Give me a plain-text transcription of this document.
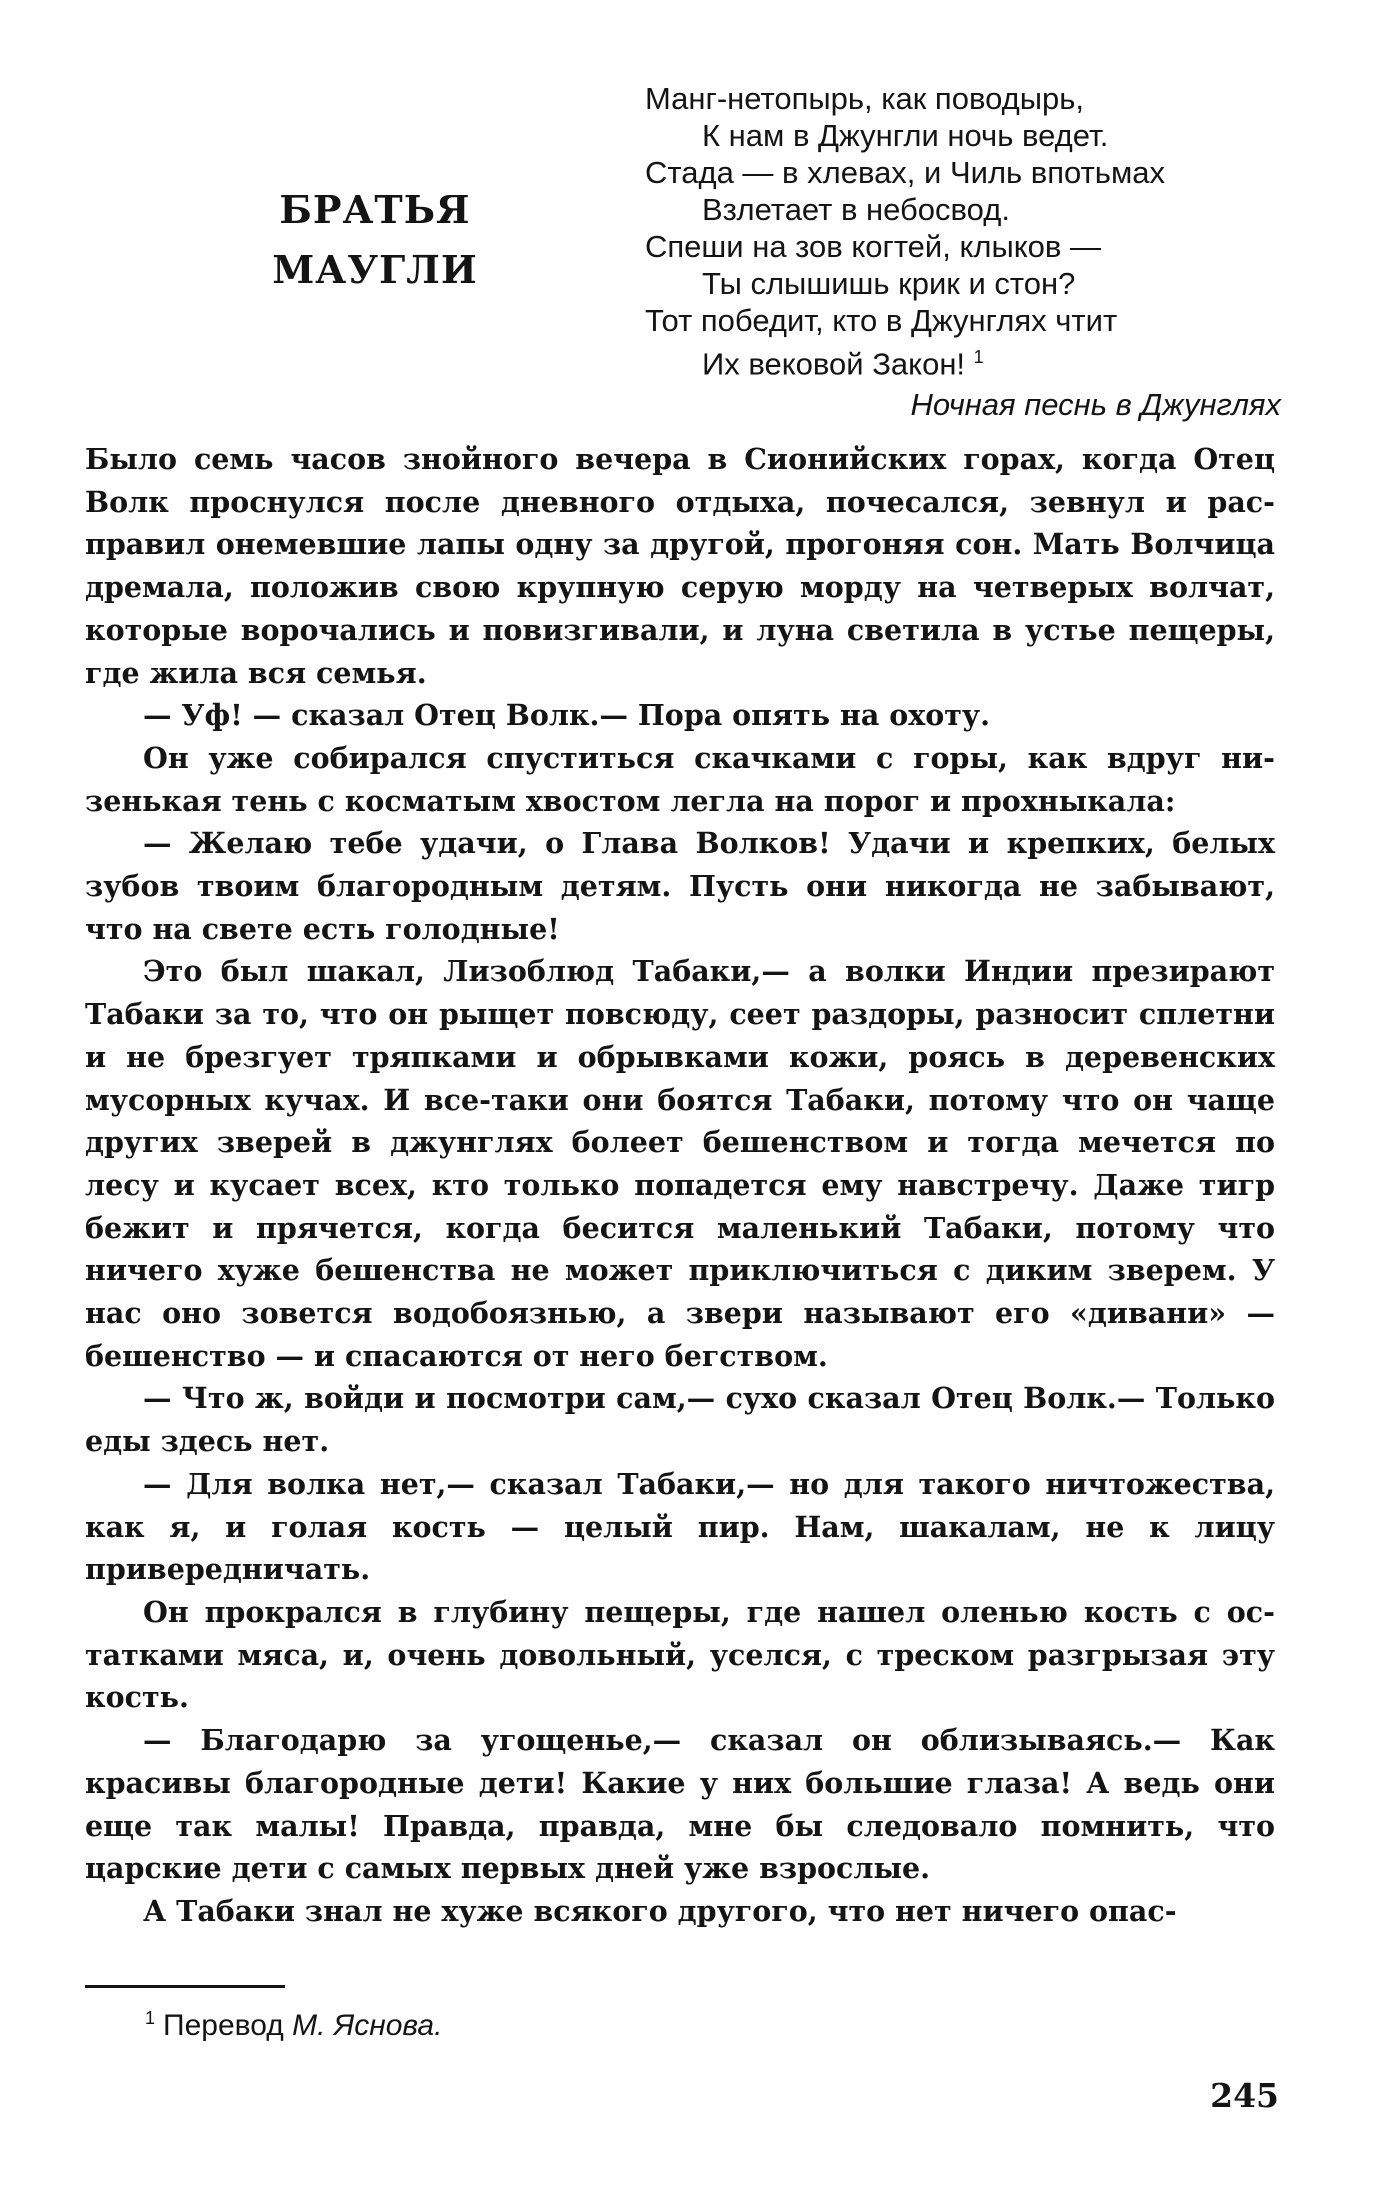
БРАТЬЯ
МАУГЛИ
Манг-нетопырь, как поводырь,
К нам в Джунгли ночь ведет.
Стада — в хлевах, и Чиль впотьмах
Взлетает в небосвод.
Спеши на зов когтей, клыков —
Ты слышишь крик и стон?
Тот победит, кто в Джунглях чтит
Их вековой Закон! $^1$
Ночная песнь в Джунглях

Было семь часов знойного вечера в Сионийских горах, когда Отец Волк проснулся после дневного отдыха, почесался, зевнул и расправил онемевшие лапы одну за другой, прогоняя сон. Мать Волчица дремала, положив свою крупную серую морду на четверых волчат, которые ворочались и повизгивали, и луна светила в устье пещеры, где жила вся семья.

— Уф! — сказал Отец Волк.— Пора опять на охоту.

Он уже собирался спуститься скачками с горы, как вдруг низенькая тень с косматым хвостом легла на порог и прохныкала:

— Желаю тебе удачи, о Глава Волков! Удачи и крепких, белых зубов твоим благородным детям. Пусть они никогда не забывают, что на свете есть голодные!

Это был шакал, Лизоблюд Табаки,— а волки Индии презирают Табаки за то, что он рыщет повсюду, сеет раздоры, разносит сплетни и не брезгует тряпками и обрывками кожи, роясь в деревенских мусорных кучах. И все-таки они боятся Табаки, потому что он чаще других зверей в джунглях болеет бешенством и тогда мечется по лесу и кусает всех, кто только попадется ему навстречу. Даже тигр бежит и прячется, когда бесится маленький Табаки, потому что ничего хуже бешенства не может приключиться с диким зверем. У нас оно зовется водобоязнью, а звери называют его «дивани» — бешенство — и спасаются от него бегством.

— Что ж, войди и посмотри сам,— сухо сказал Отец Волк.— Только еды здесь нет.

— Для волка нет,— сказал Табаки,— но для такого ничтожества, как я, и голая кость — целый пир. Нам, шакалам, не к лицу привередничать.

Он прокрался в глубину пещеры, где нашел оленью кость с остатками мяса, и, очень довольный, уселся, с треском разгрызая эту кость.

— Благодарю за угощенье,— сказал он облизываясь.— Как красивы благородные дети! Какие у них большие глаза! А ведь они еще так малы! Правда, правда, мне бы следовало помнить, что царские дети с самых первых дней уже взрослые.

А Табаки знал не хуже всякого другого, что нет ничего опас-

$^1$ Перевод М. Яснова.
245
